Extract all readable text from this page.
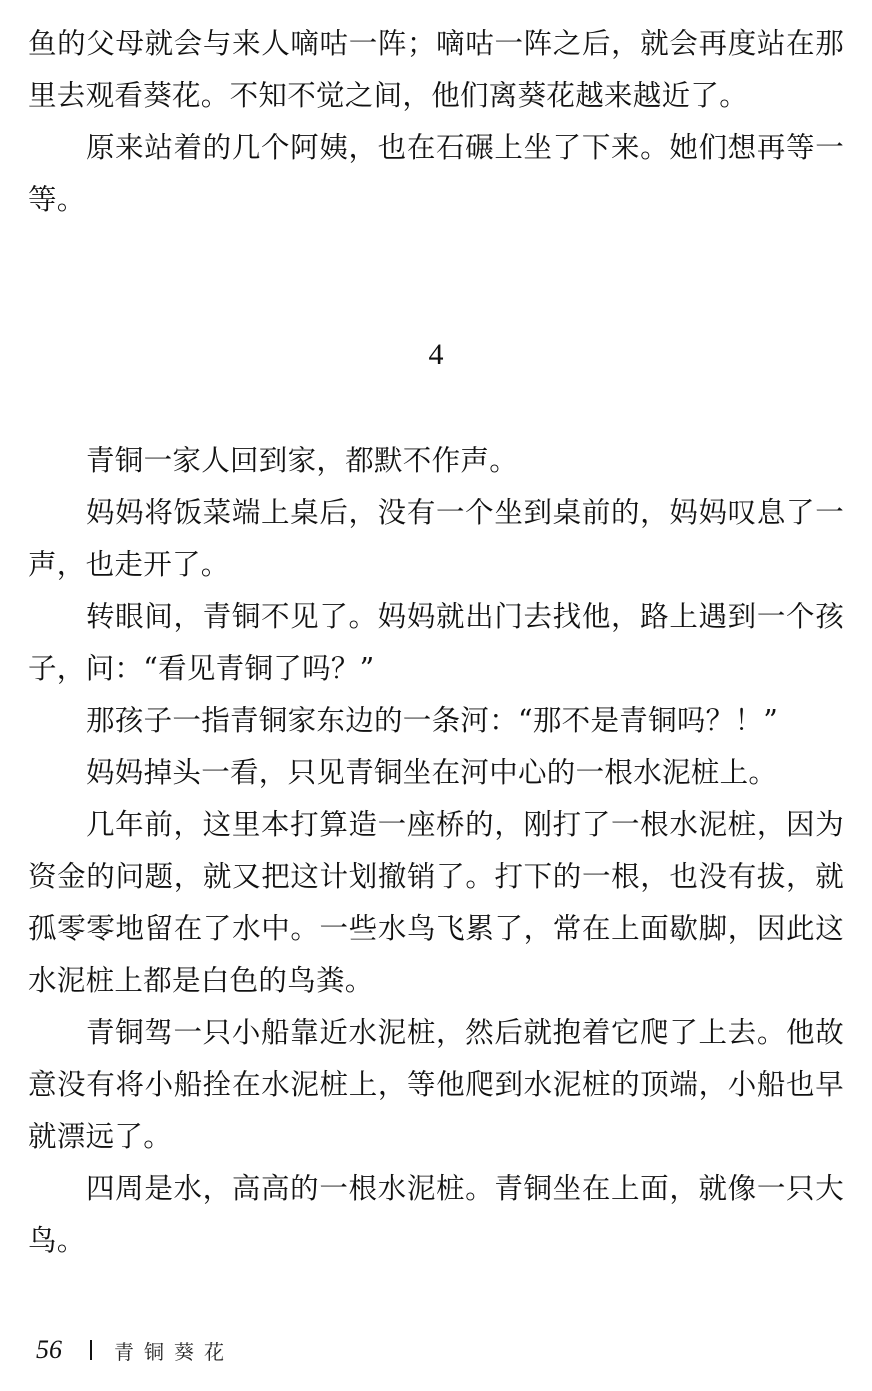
鱼的父母就会与来人嘀咕一阵；嘀咕一阵之后，就会再度站在那里去观看葵花。不知不觉之间，他们离葵花越来越近了。

原来站着的几个阿姨，也在石碾上坐了下来。她们想再等一等。

4

青铜一家人回到家，都默不作声。

妈妈将饭菜端上桌后，没有一个坐到桌前的，妈妈叹息了一声，也走开了。

转眼间，青铜不见了。妈妈就出门去找他，路上遇到一个孩子，问：“看见青铜了吗？”

那孩子一指青铜家东边的一条河：“那不是青铜吗？！”

妈妈掉头一看，只见青铜坐在河中心的一根水泥桩上。

几年前，这里本打算造一座桥的，刚打了一根水泥桩，因为资金的问题，就又把这计划撤销了。打下的一根，也没有拔，就孤零零地留在了水中。一些水鸟飞累了，常在上面歇脚，因此这水泥桩上都是白色的鸟粪。

青铜驾一只小船靠近水泥桩，然后就抱着它爬了上去。他故意没有将小船拴在水泥桩上，等他爬到水泥桩的顶端，小船也早就漂远了。

四周是水，高高的一根水泥桩。青铜坐在上面，就像一只大鸟。

56	青铜葵花
